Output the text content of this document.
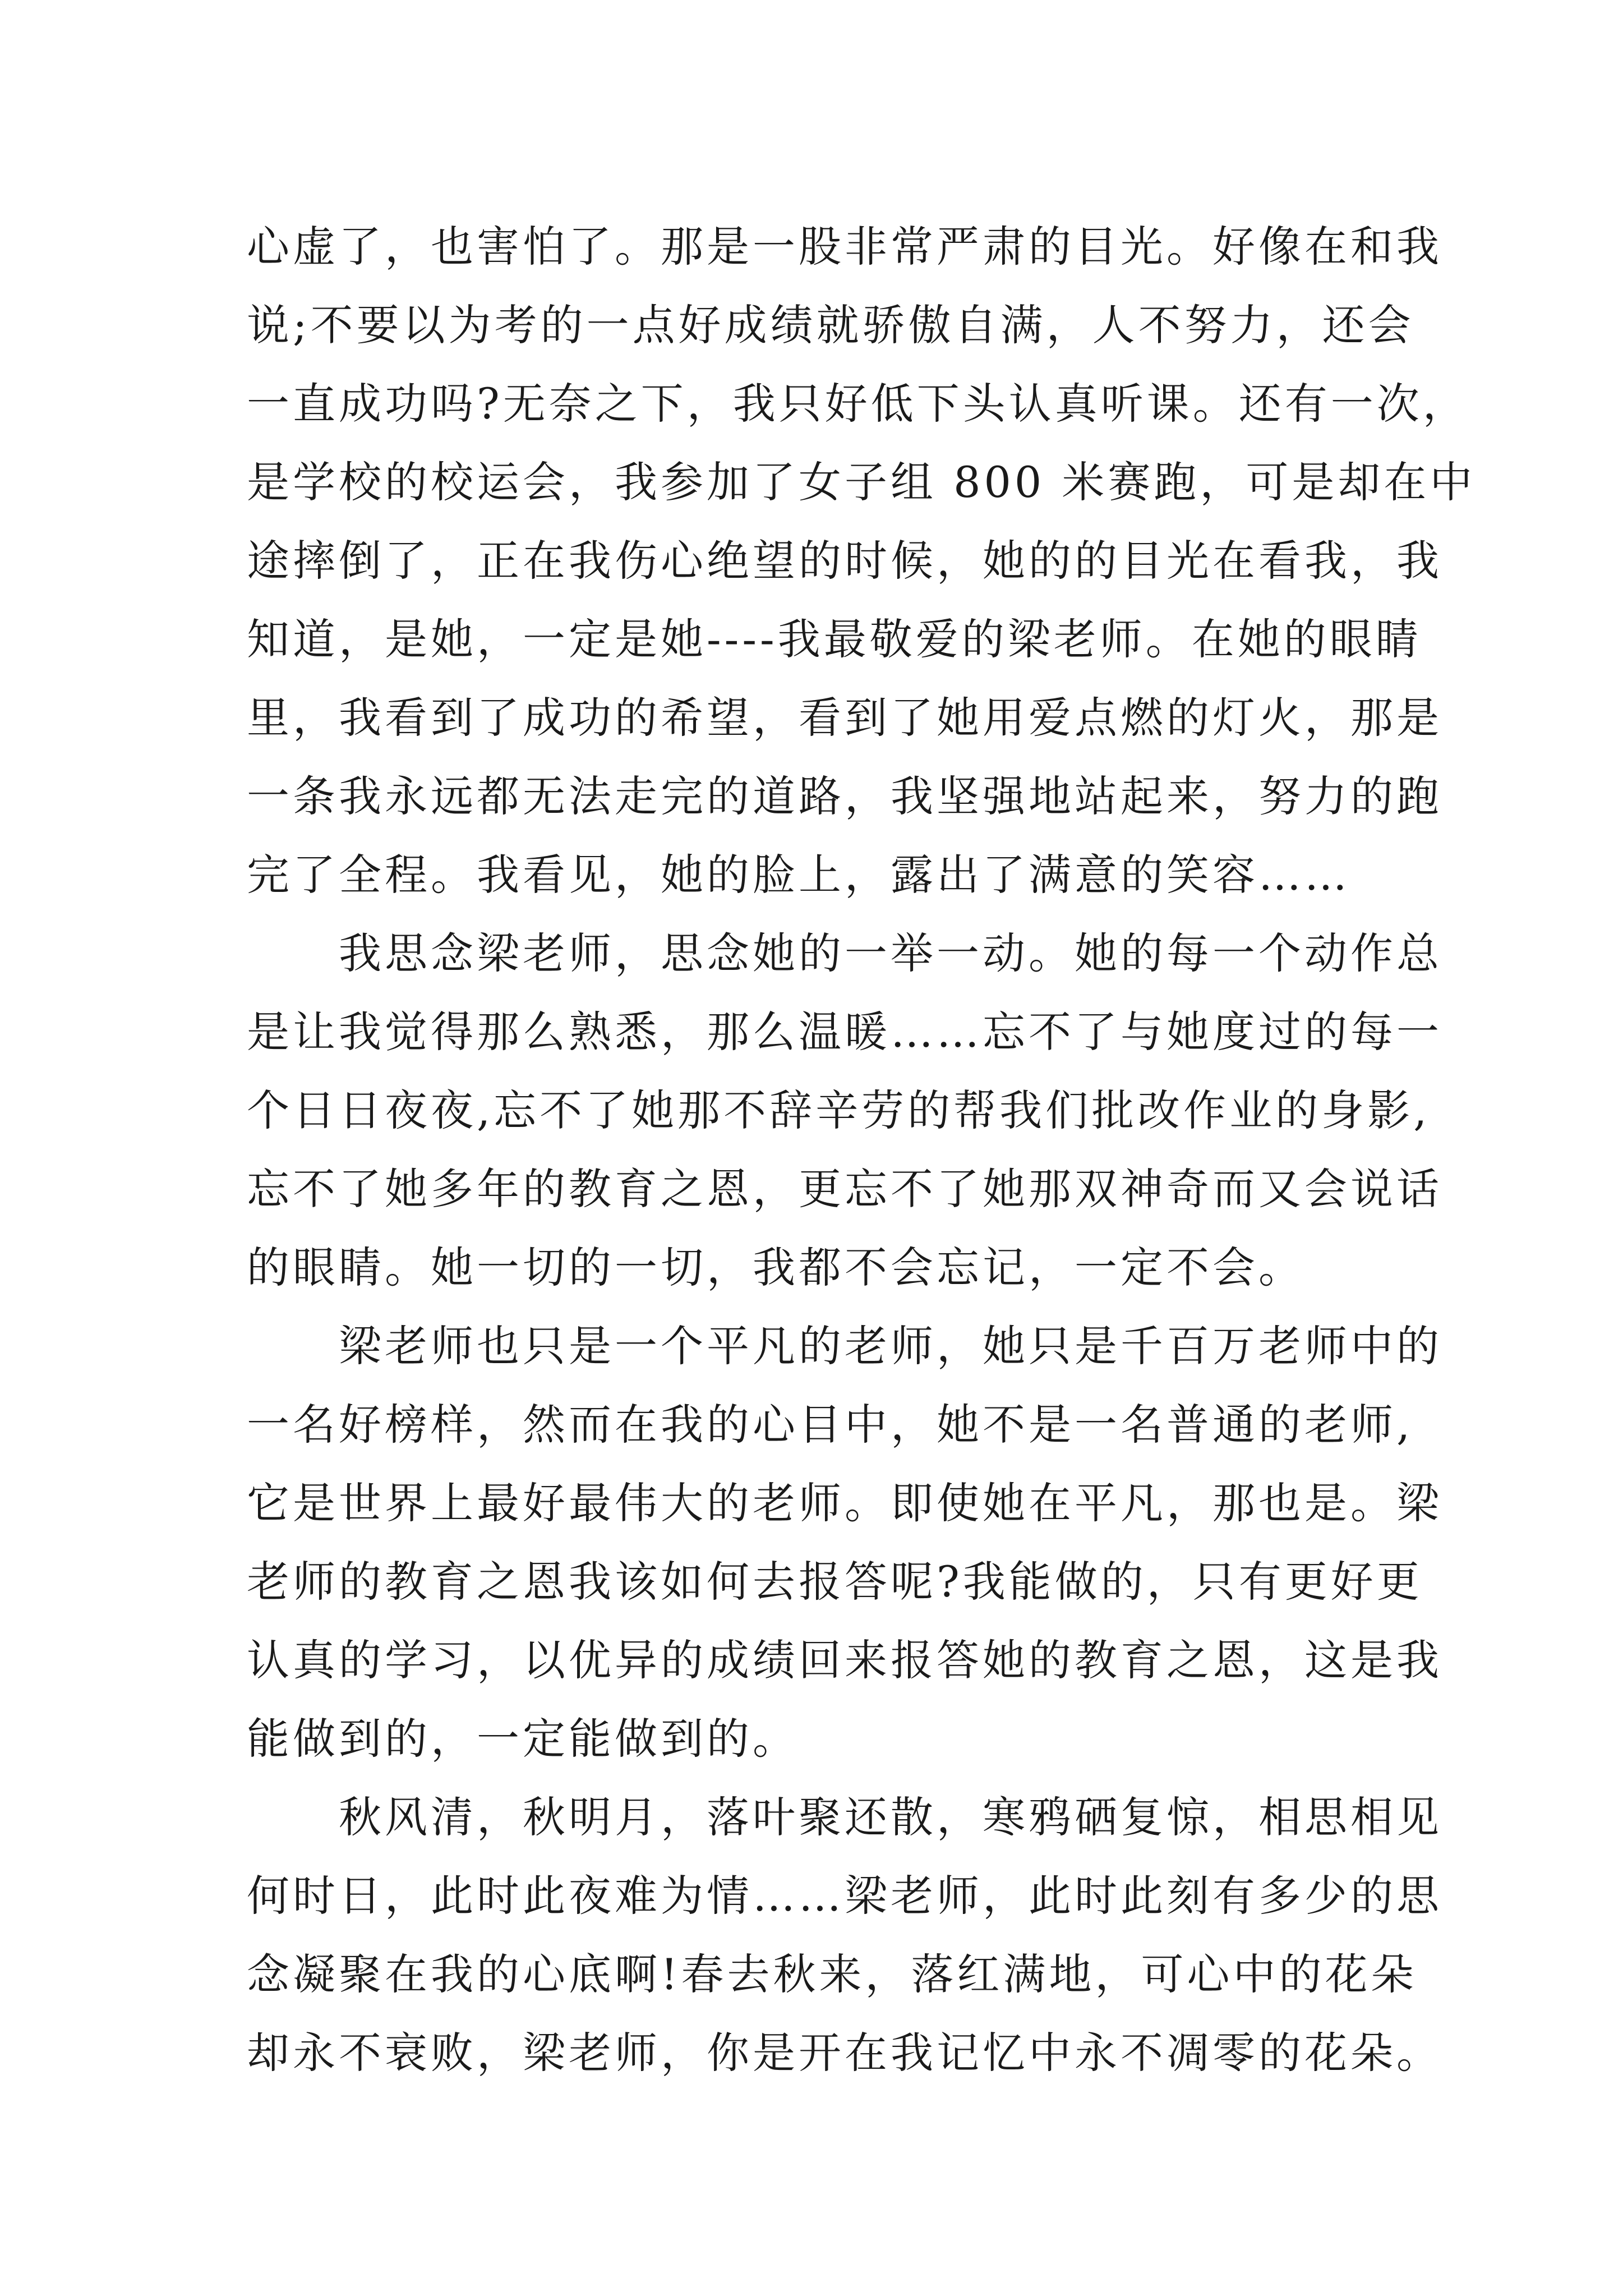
心虚了，也害怕了。那是一股非常严肃的目光。好像在和我
说;不要以为考的一点好成绩就骄傲自满，人不努力，还会
一直成功吗?无奈之下，我只好低下头认真听课。还有一次，
是学校的校运会，我参加了女子组 800 米赛跑，可是却在中
途摔倒了，正在我伤心绝望的时候，她的的目光在看我，我
知道，是她，一定是她----我最敬爱的梁老师。在她的眼睛
里，我看到了成功的希望，看到了她用爱点燃的灯火，那是
一条我永远都无法走完的道路，我坚强地站起来，努力的跑
完了全程。我看见，她的脸上，露出了满意的笑容……
　　我思念梁老师，思念她的一举一动。她的每一个动作总
是让我觉得那么熟悉，那么温暖……忘不了与她度过的每一
个日日夜夜,忘不了她那不辞辛劳的帮我们批改作业的身影,
忘不了她多年的教育之恩，更忘不了她那双神奇而又会说话
的眼睛。她一切的一切，我都不会忘记，一定不会。
　　梁老师也只是一个平凡的老师，她只是千百万老师中的
一名好榜样，然而在我的心目中，她不是一名普通的老师,
它是世界上最好最伟大的老师。即使她在平凡，那也是。梁
老师的教育之恩我该如何去报答呢?我能做的，只有更好更
认真的学习，以优异的成绩回来报答她的教育之恩，这是我
能做到的，一定能做到的。
　　秋风清，秋明月，落叶聚还散，寒鸦硒复惊，相思相见
何时日，此时此夜难为情……梁老师，此时此刻有多少的思
念凝聚在我的心底啊!春去秋来，落红满地，可心中的花朵
却永不衰败，梁老师，你是开在我记忆中永不凋零的花朵。
